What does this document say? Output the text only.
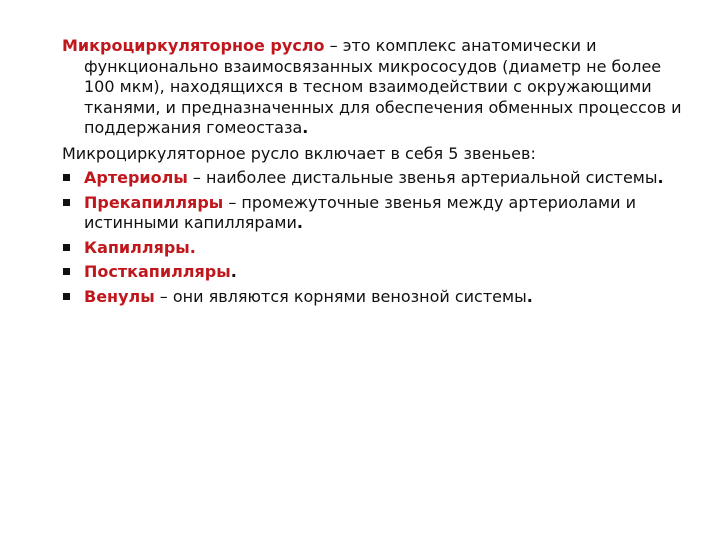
Микроциркуляторное русло – это комплекс анатомически и функционально взаимосвязанных микрососудов (диаметр не более 100 мкм), находящихся в тесном взаимодействии с окружающими тканями, и предназначенных для обеспечения обменных процессов и поддержания гомеостаза.

Микроциркуляторное русло включает в себя 5 звеньев:

Артериолы – наиболее дистальные звенья артериальной системы.
Прекапилляры – промежуточные звенья между артериолами и истинными капиллярами.
Капилляры.
Посткапилляры.
Венулы – они являются корнями венозной системы.
